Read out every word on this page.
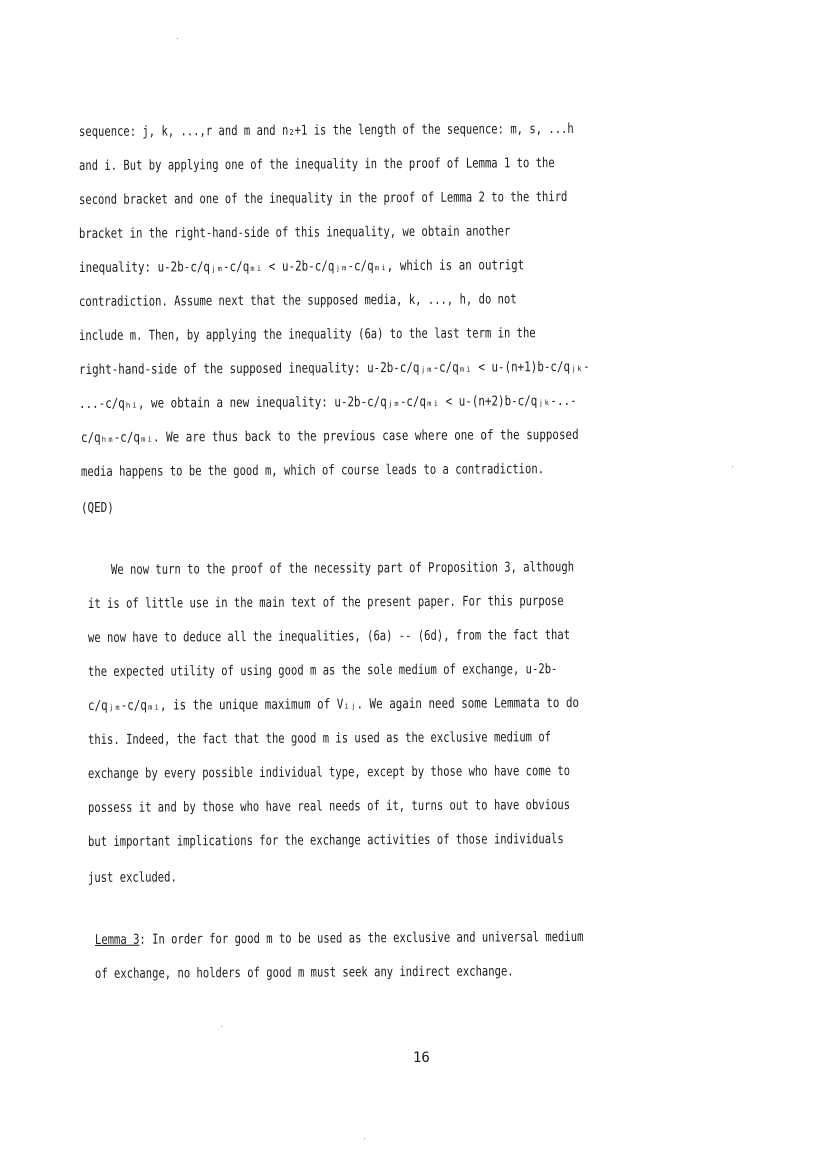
sequence: j, k, ...,r and m and n₂+1 is the length of the sequence: m, s, ...h
and i. But by applying one of the inequality in the proof of Lemma 1 to the
second bracket and one of the inequality in the proof of Lemma 2 to the third
bracket in the right-hand-side of this inequality, we obtain another
inequality: u-2b-c/qⱼₘ-c/qₘᵢ < u-2b-c/qⱼₘ-c/qₘᵢ, which is an outrigt
contradiction. Assume next that the supposed media, k, ..., h, do not
include m. Then, by applying the inequality (6a) to the last term in the
right-hand-side of the supposed inequality: u-2b-c/qⱼₘ-c/qₘᵢ < u-(n+1)b-c/qⱼₖ-
...-c/qₕᵢ, we obtain a new inequality: u-2b-c/qⱼₘ-c/qₘᵢ < u-(n+2)b-c/qⱼₖ-..-
c/qₕₘ-c/qₘᵢ. We are thus back to the previous case where one of the supposed
media happens to be the good m, which of course leads to a contradiction.
(QED)
We now turn to the proof of the necessity part of Proposition 3, although
it is of little use in the main text of the present paper. For this purpose
we now have to deduce all the inequalities, (6a) -- (6d), from the fact that
the expected utility of using good m as the sole medium of exchange, u-2b-
c/qⱼₘ-c/qₘᵢ, is the unique maximum of Vᵢⱼ. We again need some Lemmata to do
this. Indeed, the fact that the good m is used as the exclusive medium of
exchange by every possible individual type, except by those who have come to
possess it and by those who have real needs of it, turns out to have obvious
but important implications for the exchange activities of those individuals
just excluded.
Lemma 3: In order for good m to be used as the exclusive and universal medium
of exchange, no holders of good m must seek any indirect exchange.
16
